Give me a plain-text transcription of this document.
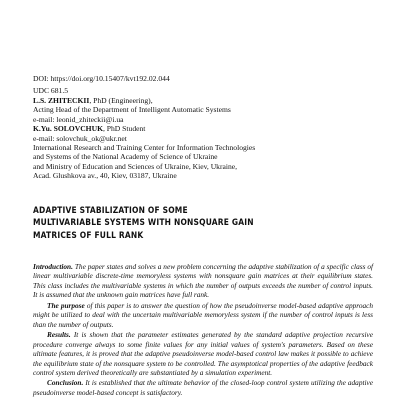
DOI: https://doi.org/10.15407/kvt192.02.044
UDC 681.5
L.S. ZHITECKII, PhD (Engineering),
Acting Head of the Department of Intelligent Automatic Systems
e-mail: leonid_zhiteckii@i.ua
K.Yu. SOLOVCHUK, PhD Student
e-mail: solovchuk_ok@ukr.net
International Research and Training Center for Information Technologies
and Systems of the National Academy of Science of Ukraine
and Ministry of Education and Sciences of Ukraine, Kiev, Ukraine,
Acad. Glushkova av., 40, Kiev, 03187, Ukraine
ADAPTIVE STABILIZATION OF SOME
MULTIVARIABLE SYSTEMS WITH NONSQUARE GAIN
MATRICES OF FULL RANK

Introduction. The paper states and solves a new problem concerning the adaptive stabilization of a specific class of linear multivariable discrete-time memoryless systems with nonsquare gain matrices at their equilibrium states. This class includes the multivariable systems in which the number of outputs exceeds the number of control inputs. It is assumed that the unknown gain matrices have full rank.

The purpose of this paper is to answer the question of how the pseudoinverse model-based adaptive approach might be utilized to deal with the uncertain multivariable memoryless system if the number of control inputs is less than the number of outputs.

Results. It is shown that the parameter estimates generated by the standard adaptive projection recursive procedure converge always to some finite values for any initial values of system's parameters. Based on these ultimate features, it is proved that the adaptive pseudoinverse model-based control law makes it possible to achieve the equilibrium state of the nonsquare system to be controlled. The asymptotical properties of the adaptive feedback control system derived theoretically are substantiated by a simulation experiment.

Conclusion. It is established that the ultimate behavior of the closed-loop control system utilizing the adaptive pseudoinverse model-based concept is satisfactory.
